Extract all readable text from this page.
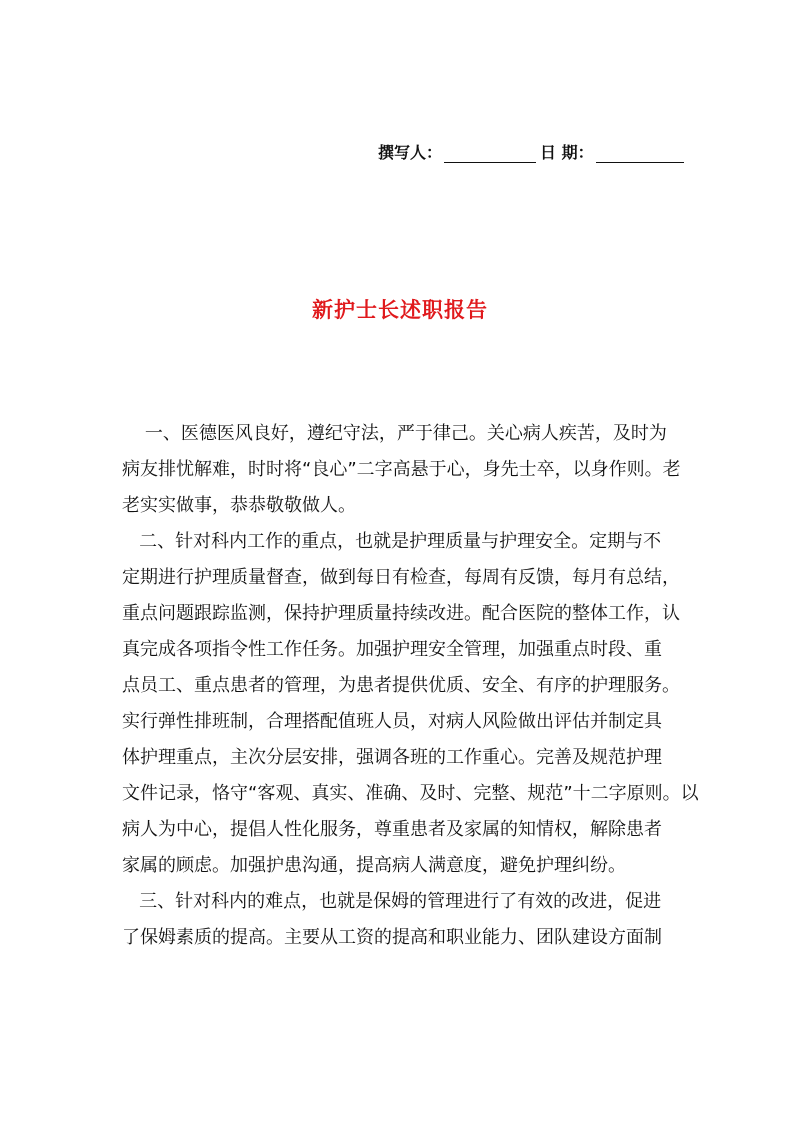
撰写人：	日 期：
新护士长述职报告
一、医德医风良好，遵纪守法，严于律己。关心病人疾苦，及时为
病友排忧解难，时时将“良心”二字高悬于心，身先士卒，以身作则。老
老实实做事，恭恭敬敬做人。
二、针对科内工作的重点，也就是护理质量与护理安全。定期与不
定期进行护理质量督查，做到每日有检查，每周有反馈，每月有总结，
重点问题跟踪监测，保持护理质量持续改进。配合医院的整体工作，认
真完成各项指令性工作任务。加强护理安全管理，加强重点时段、重
点员工、重点患者的管理，为患者提供优质、安全、有序的护理服务。
实行弹性排班制，合理搭配值班人员，对病人风险做出评估并制定具
体护理重点，主次分层安排，强调各班的工作重心。完善及规范护理
文件记录，恪守“客观、真实、准确、及时、完整、规范”十二字原则。以
病人为中心，提倡人性化服务，尊重患者及家属的知情权，解除患者
家属的顾虑。加强护患沟通，提高病人满意度，避免护理纠纷。
三、针对科内的难点，也就是保姆的管理进行了有效的改进，促进
了保姆素质的提高。主要从工资的提高和职业能力、团队建设方面制
